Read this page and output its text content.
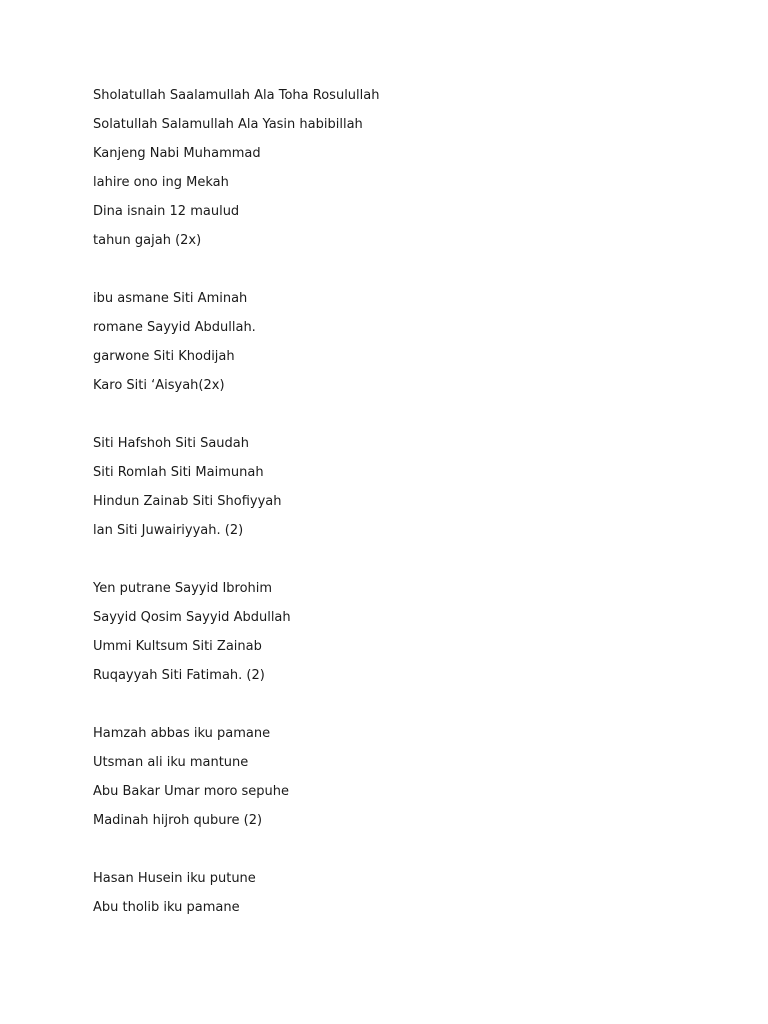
Sholatullah Saalamullah Ala Toha Rosulullah
Solatullah Salamullah Ala Yasin habibillah
Kanjeng Nabi Muhammad
lahire ono ing Mekah
Dina isnain 12 maulud
tahun gajah (2x)
ibu asmane Siti Aminah
romane Sayyid Abdullah.
garwone Siti Khodijah
Karo Siti ‘Aisyah(2x)
Siti Hafshoh Siti Saudah
Siti Romlah Siti Maimunah
Hindun Zainab Siti Shofiyyah
lan Siti Juwairiyyah. (2)
Yen putrane Sayyid Ibrohim
Sayyid Qosim Sayyid Abdullah
Ummi Kultsum Siti Zainab
Ruqayyah Siti Fatimah. (2)
Hamzah abbas iku pamane
Utsman ali iku mantune
Abu Bakar Umar moro sepuhe
Madinah hijroh qubure (2)
Hasan Husein iku putune
Abu tholib iku pamane
